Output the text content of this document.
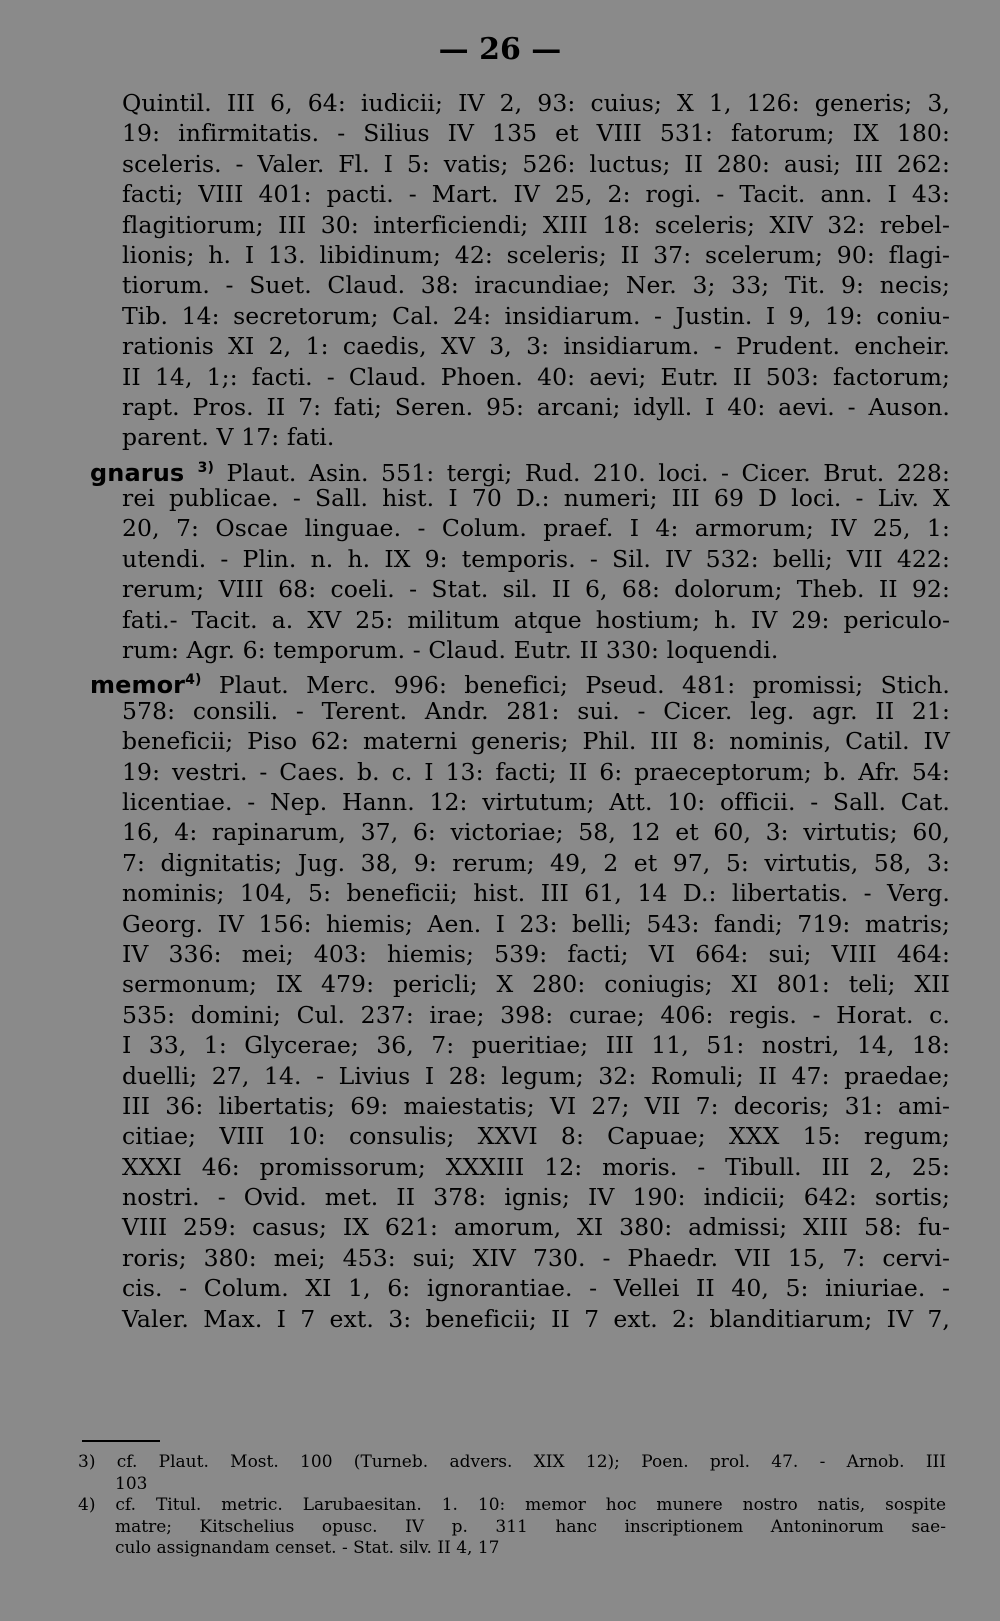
— 26 —
Quintil. III 6, 64: iudicii; IV 2, 93: cuius; X 1, 126: generis; 3,
19: infirmitatis. - Silius IV 135 et VIII 531: fatorum; IX 180:
sceleris. - Valer. Fl. I 5: vatis; 526: luctus; II 280: ausi; III 262:
facti; VIII 401: pacti. - Mart. IV 25, 2: rogi. - Tacit. ann. I 43:
flagitiorum; III 30: interficiendi; XIII 18: sceleris; XIV 32: rebel-
lionis; h. I 13. libidinum; 42: sceleris; II 37: scelerum; 90: flagi-
tiorum. - Suet. Claud. 38: iracundiae; Ner. 3; 33; Tit. 9: necis;
Tib. 14: secretorum; Cal. 24: insidiarum. - Justin. I 9, 19: coniu-
rationis XI 2, 1: caedis, XV 3, 3: insidiarum. - Prudent. encheir.
II 14, 1;: facti. - Claud. Phoen. 40: aevi; Eutr. II 503: factorum;
rapt. Pros. II 7: fati; Seren. 95: arcani; idyll. I 40: aevi. - Auson.
parent. V 17: fati.
gnarus $^{3)}$ Plaut. Asin. 551: tergi; Rud. 210. loci. - Cicer. Brut. 228:
rei publicae. - Sall. hist. I 70 D.: numeri; III 69 D loci. - Liv. X
20, 7: Oscae linguae. - Colum. praef. I 4: armorum; IV 25, 1:
utendi. - Plin. n. h. IX 9: temporis. - Sil. IV 532: belli; VII 422:
rerum; VIII 68: coeli. - Stat. sil. II 6, 68: dolorum; Theb. II 92:
fati.- Tacit. a. XV 25: militum atque hostium; h. IV 29: periculo-
rum: Agr. 6: temporum. - Claud. Eutr. II 330: loquendi.
memor$^{4)}$ Plaut. Merc. 996: benefici; Pseud. 481: promissi; Stich.
578: consili. - Terent. Andr. 281: sui. - Cicer. leg. agr. II 21:
beneficii; Piso 62: materni generis; Phil. III 8: nominis, Catil. IV
19: vestri. - Caes. b. c. I 13: facti; II 6: praeceptorum; b. Afr. 54:
licentiae. - Nep. Hann. 12: virtutum; Att. 10: officii. - Sall. Cat.
16, 4: rapinarum, 37, 6: victoriae; 58, 12 et 60, 3: virtutis; 60,
7: dignitatis; Jug. 38, 9: rerum; 49, 2 et 97, 5: virtutis, 58, 3:
nominis; 104, 5: beneficii; hist. III 61, 14 D.: libertatis. - Verg.
Georg. IV 156: hiemis; Aen. I 23: belli; 543: fandi; 719: matris;
IV 336: mei; 403: hiemis; 539: facti; VI 664: sui; VIII 464:
sermonum; IX 479: pericli; X 280: coniugis; XI 801: teli; XII
535: domini; Cul. 237: irae; 398: curae; 406: regis. - Horat. c.
I 33, 1: Glycerae; 36, 7: pueritiae; III 11, 51: nostri, 14, 18:
duelli; 27, 14. - Livius I 28: legum; 32: Romuli; II 47: praedae;
III 36: libertatis; 69: maiestatis; VI 27; VII 7: decoris; 31: ami-
citiae; VIII 10: consulis; XXVI 8: Capuae; XXX 15: regum;
XXXI 46: promissorum; XXXIII 12: moris. - Tibull. III 2, 25:
nostri. - Ovid. met. II 378: ignis; IV 190: indicii; 642: sortis;
VIII 259: casus; IX 621: amorum, XI 380: admissi; XIII 58: fu-
roris; 380: mei; 453: sui; XIV 730. - Phaedr. VII 15, 7: cervi-
cis. - Colum. XI 1, 6: ignorantiae. - Vellei II 40, 5: iniuriae. -
Valer. Max. I 7 ext. 3: beneficii; II 7 ext. 2: blanditiarum; IV 7,
3) cf. Plaut. Most. 100 (Turneb. advers. XIX 12); Poen. prol. 47. - Arnob. III
103
4) cf. Titul. metric. Larubaesitan. 1. 10: memor hoc munere nostro natis, sospite
matre; Kitschelius opusc. IV p. 311 hanc inscriptionem Antoninorum sae-
culo assignandam censet. - Stat. silv. II 4, 17
